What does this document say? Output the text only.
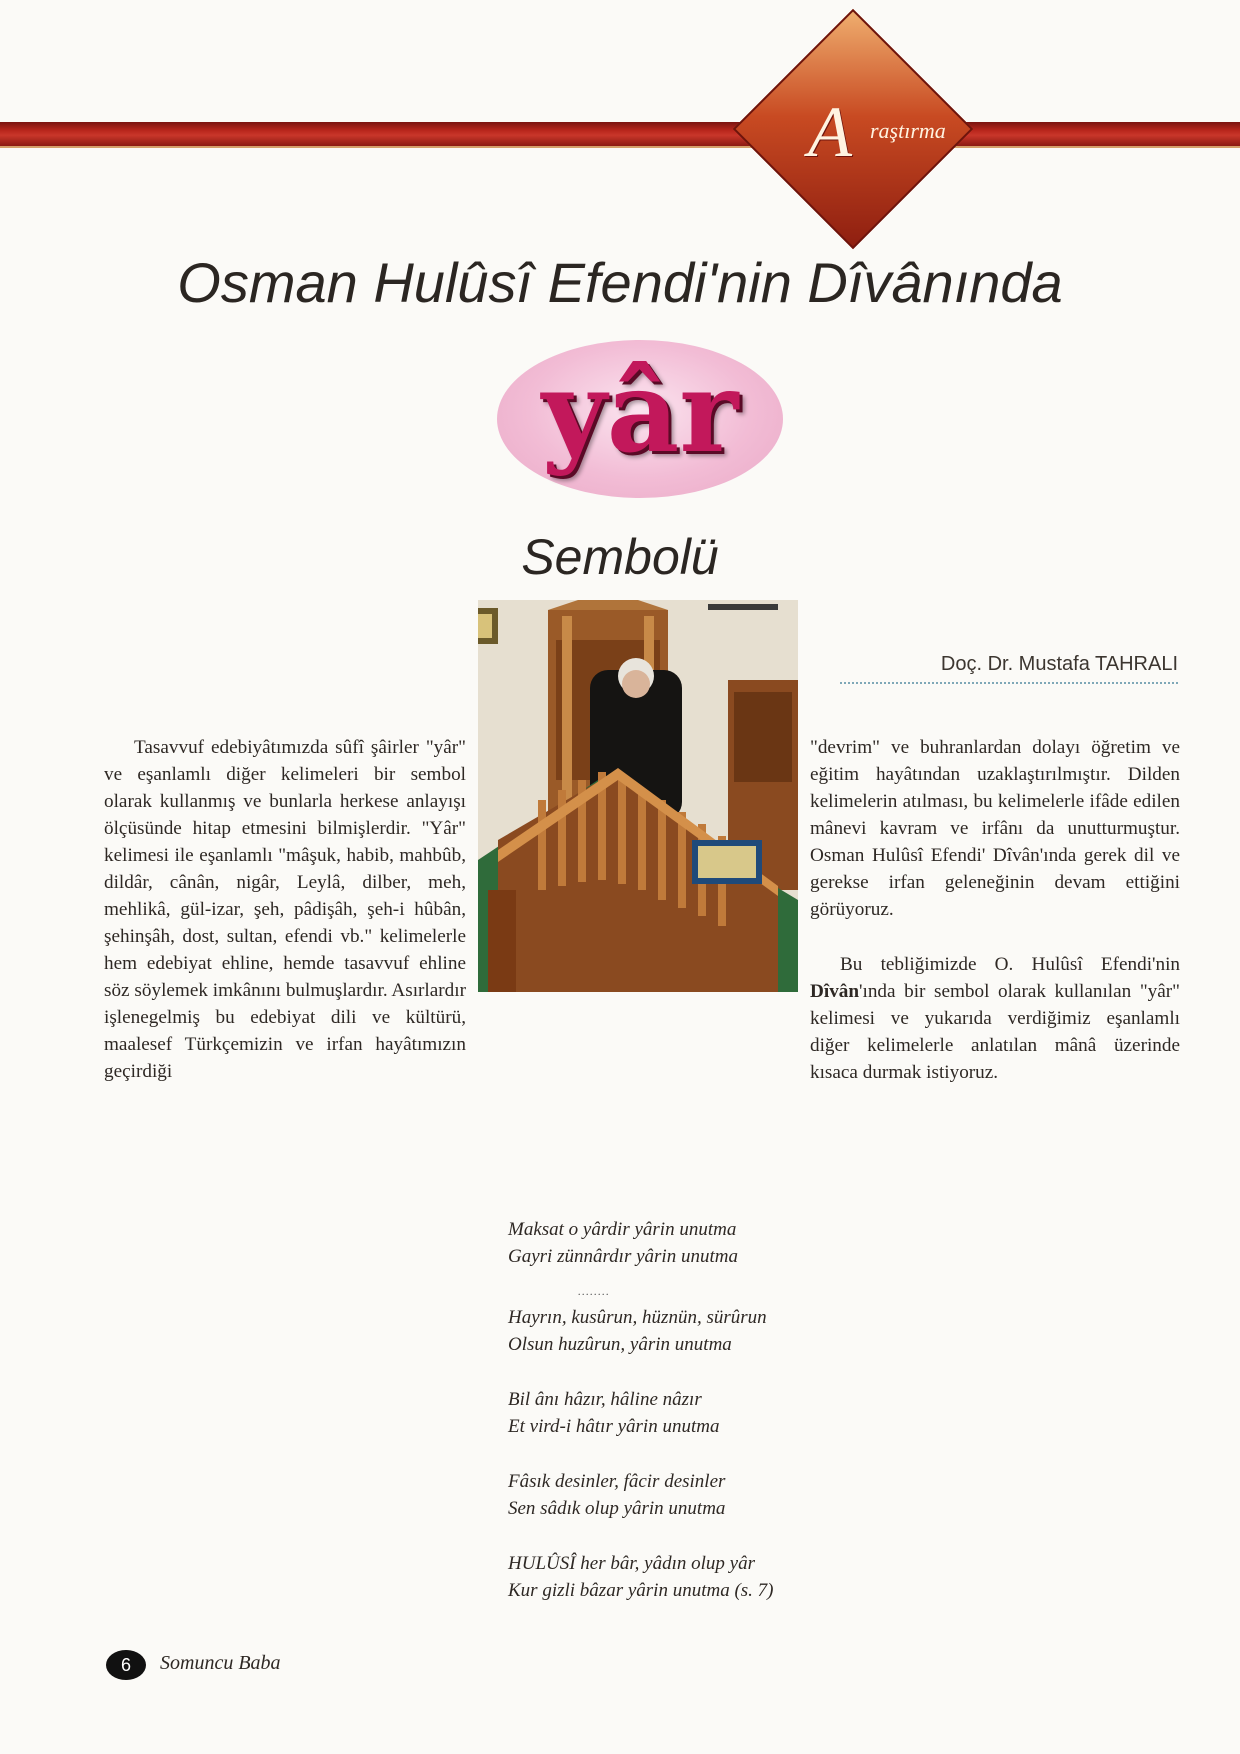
A raştırma
Osman Hulûsî Efendi'nin Dîvânında
yâr
Sembolü
Doç. Dr. Mustafa TAHRALI

Tasavvuf edebiyâtımızda sûfî şâirler "yâr" ve eşanlamlı diğer kelimeleri bir sembol olarak kullanmış ve bunlarla herkese anlayışı ölçüsünde hitap etmesini bilmişlerdir. "Yâr" kelimesi ile eşanlamlı "mâşuk, habib, mahbûb, dildâr, cânân, nigâr, Leylâ, dilber, meh, mehlikâ, gül-izar, şeh, pâdişâh, şeh-i hûbân, şehinşâh, dost, sultan, efendi vb." kelimelerle hem edebiyat ehline, hemde tasavvuf ehline söz söylemek imkânını bulmuşlardır. Asırlardır işlenegelmiş bu edebiyat dili ve kültürü, maalesef Türkçemizin ve irfan hayâtımızın geçirdiği

"devrim" ve buhranlardan dolayı öğretim ve eğitim hayâtından uzaklaştırılmıştır. Dilden kelimelerin atılması, bu kelimelerle ifâde edilen mânevi kavram ve irfânı da unutturmuştur. Osman Hulûsî Efendi' Dîvân'ında gerek dil ve gerekse irfan geleneğinin devam ettiğini görüyoruz.

Bu tebliğimizde O. Hulûsî Efendi'nin Dîvân'ında bir sembol olarak kullanılan "yâr" kelimesi ve yukarıda verdiğimiz eşanlamlı diğer kelimelerle anlatılan mânâ üzerinde kısaca durmak istiyoruz.

Maksat o yârdir yârin unutma
Gayri zünnârdır yârin unutma
........
Hayrın, kusûrun, hüznün, sürûrun
Olsun huzûrun, yârin unutma
Bil ânı hâzır, hâline nâzır
Et vird-i hâtır yârin unutma
Fâsık desinler, fâcir desinler
Sen sâdık olup yârin unutma
HULÛSÎ her bâr, yâdın olup yâr
Kur gizli bâzar yârin unutma (s. 7)
6	Somuncu Baba
